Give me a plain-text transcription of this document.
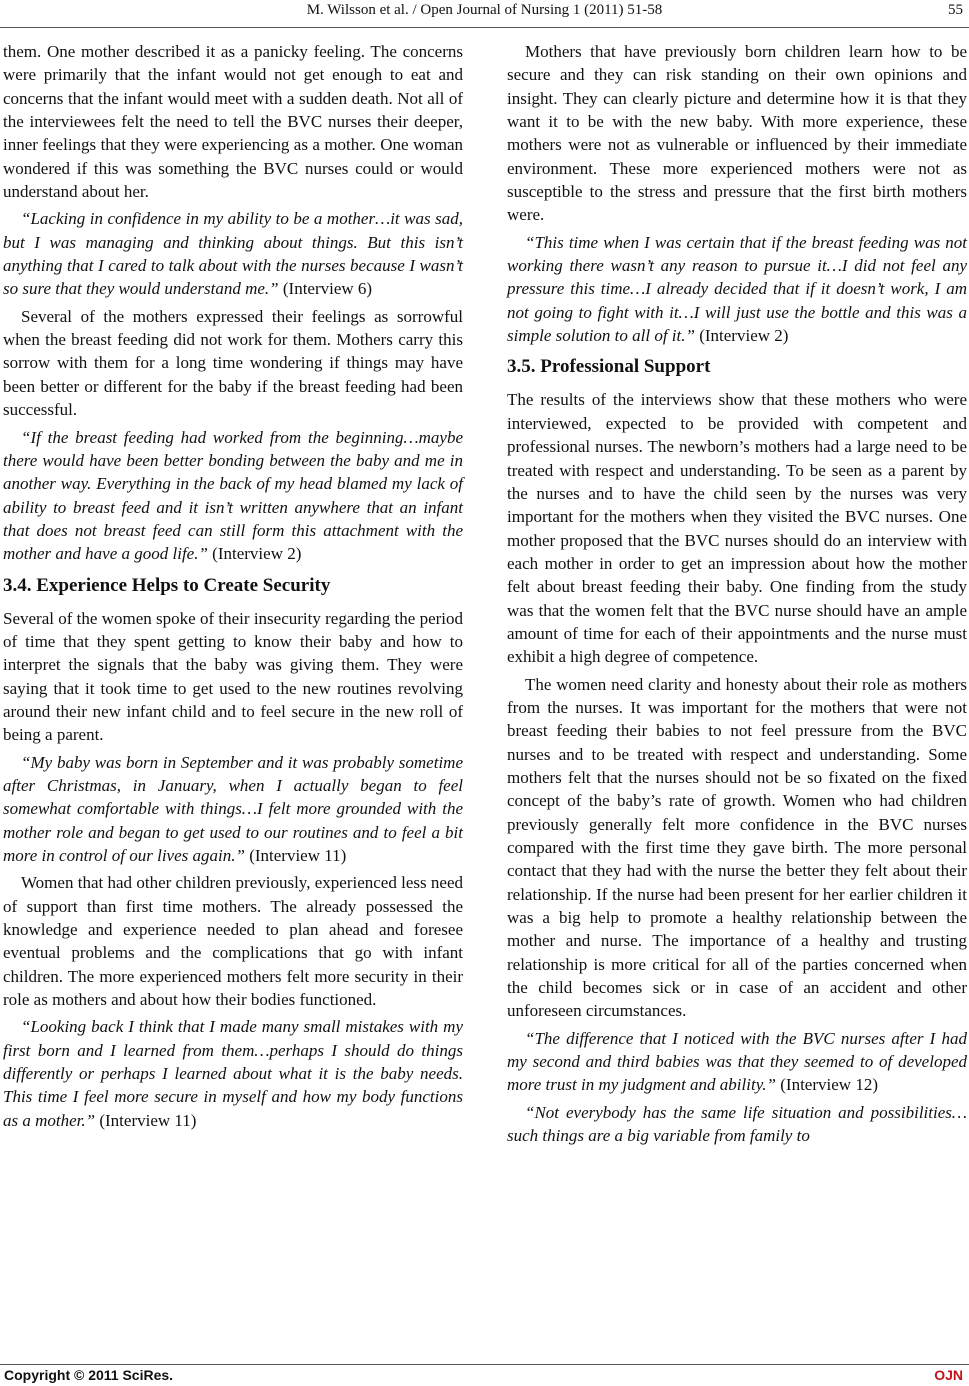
M. Wilsson et al. / Open Journal of Nursing 1 (2011) 51-58	55

them. One mother described it as a panicky feeling. The concerns were primarily that the infant would not get enough to eat and concerns that the infant would meet with a sudden death. Not all of the interviewees felt the need to tell the BVC nurses their deeper, inner feelings that they were experiencing as a mother. One woman wondered if this was something the BVC nurses could or would understand about her.

“Lacking in confidence in my ability to be a mother…it was sad, but I was managing and thinking about things. But this isn’t anything that I cared to talk about with the nurses because I wasn’t so sure that they would understand me.” (Interview 6)

Several of the mothers expressed their feelings as sorrowful when the breast feeding did not work for them. Mothers carry this sorrow with them for a long time wondering if things may have been better or different for the baby if the breast feeding had been successful.

“If the breast feeding had worked from the beginning…maybe there would have been better bonding between the baby and me in another way. Everything in the back of my head blamed my lack of ability to breast feed and it isn’t written anywhere that an infant that does not breast feed can still form this attachment with the mother and have a good life.” (Interview 2)

3.4. Experience Helps to Create Security

Several of the women spoke of their insecurity regarding the period of time that they spent getting to know their baby and how to interpret the signals that the baby was giving them. They were saying that it took time to get used to the new routines revolving around their new infant child and to feel secure in the new roll of being a parent.

“My baby was born in September and it was probably sometime after Christmas, in January, when I actually began to feel somewhat comfortable with things…I felt more grounded with the mother role and began to get used to our routines and to feel a bit more in control of our lives again.” (Interview 11)

Women that had other children previously, experienced less need of support than first time mothers. The already possessed the knowledge and experience needed to plan ahead and foresee eventual problems and the complications that go with infant children. The more experienced mothers felt more security in their role as mothers and about how their bodies functioned.

“Looking back I think that I made many small mistakes with my first born and I learned from them…perhaps I should do things differently or perhaps I learned about what it is the baby needs. This time I feel more secure in myself and how my body functions as a mother.” (Interview 11)

Mothers that have previously born children learn how to be secure and they can risk standing on their own opinions and insight. They can clearly picture and determine how it is that they want it to be with the new baby. With more experience, these mothers were not as vulnerable or influenced by their immediate environment. These more experienced mothers were not as susceptible to the stress and pressure that the first birth mothers were.

“This time when I was certain that if the breast feeding was not working there wasn’t any reason to pursue it…I did not feel any pressure this time…I already decided that if it doesn’t work, I am not going to fight with it…I will just use the bottle and this was a simple solution to all of it.” (Interview 2)

3.5. Professional Support

The results of the interviews show that these mothers who were interviewed, expected to be provided with competent and professional nurses. The newborn’s mothers had a large need to be treated with respect and understanding. To be seen as a parent by the nurses and to have the child seen by the nurses was very important for the mothers when they visited the BVC nurses. One mother proposed that the BVC nurses should do an interview with each mother in order to get an impression about how the mother felt about breast feeding their baby. One finding from the study was that the women felt that the BVC nurse should have an ample amount of time for each of their appointments and the nurse must exhibit a high degree of competence.

The women need clarity and honesty about their role as mothers from the nurses. It was important for the mothers that were not breast feeding their babies to not feel pressure from the BVC nurses and to be treated with respect and understanding. Some mothers felt that the nurses should not be so fixated on the fixed concept of the baby’s rate of growth. Women who had children previously generally felt more confidence in the BVC nurses compared with the first time they gave birth. The more personal contact that they had with the nurse the better they felt about their relationship. If the nurse had been present for her earlier children it was a big help to promote a healthy relationship between the mother and nurse. The importance of a healthy and trusting relationship is more critical for all of the parties concerned when the child becomes sick or in case of an accident and other unforeseen circumstances.

“The difference that I noticed with the BVC nurses after I had my second and third babies was that they seemed to of developed more trust in my judgment and ability.” (Interview 12)

“Not everybody has the same life situation and possibilities…such things are a big variable from family to

Copyright © 2011 SciRes.	OJN
